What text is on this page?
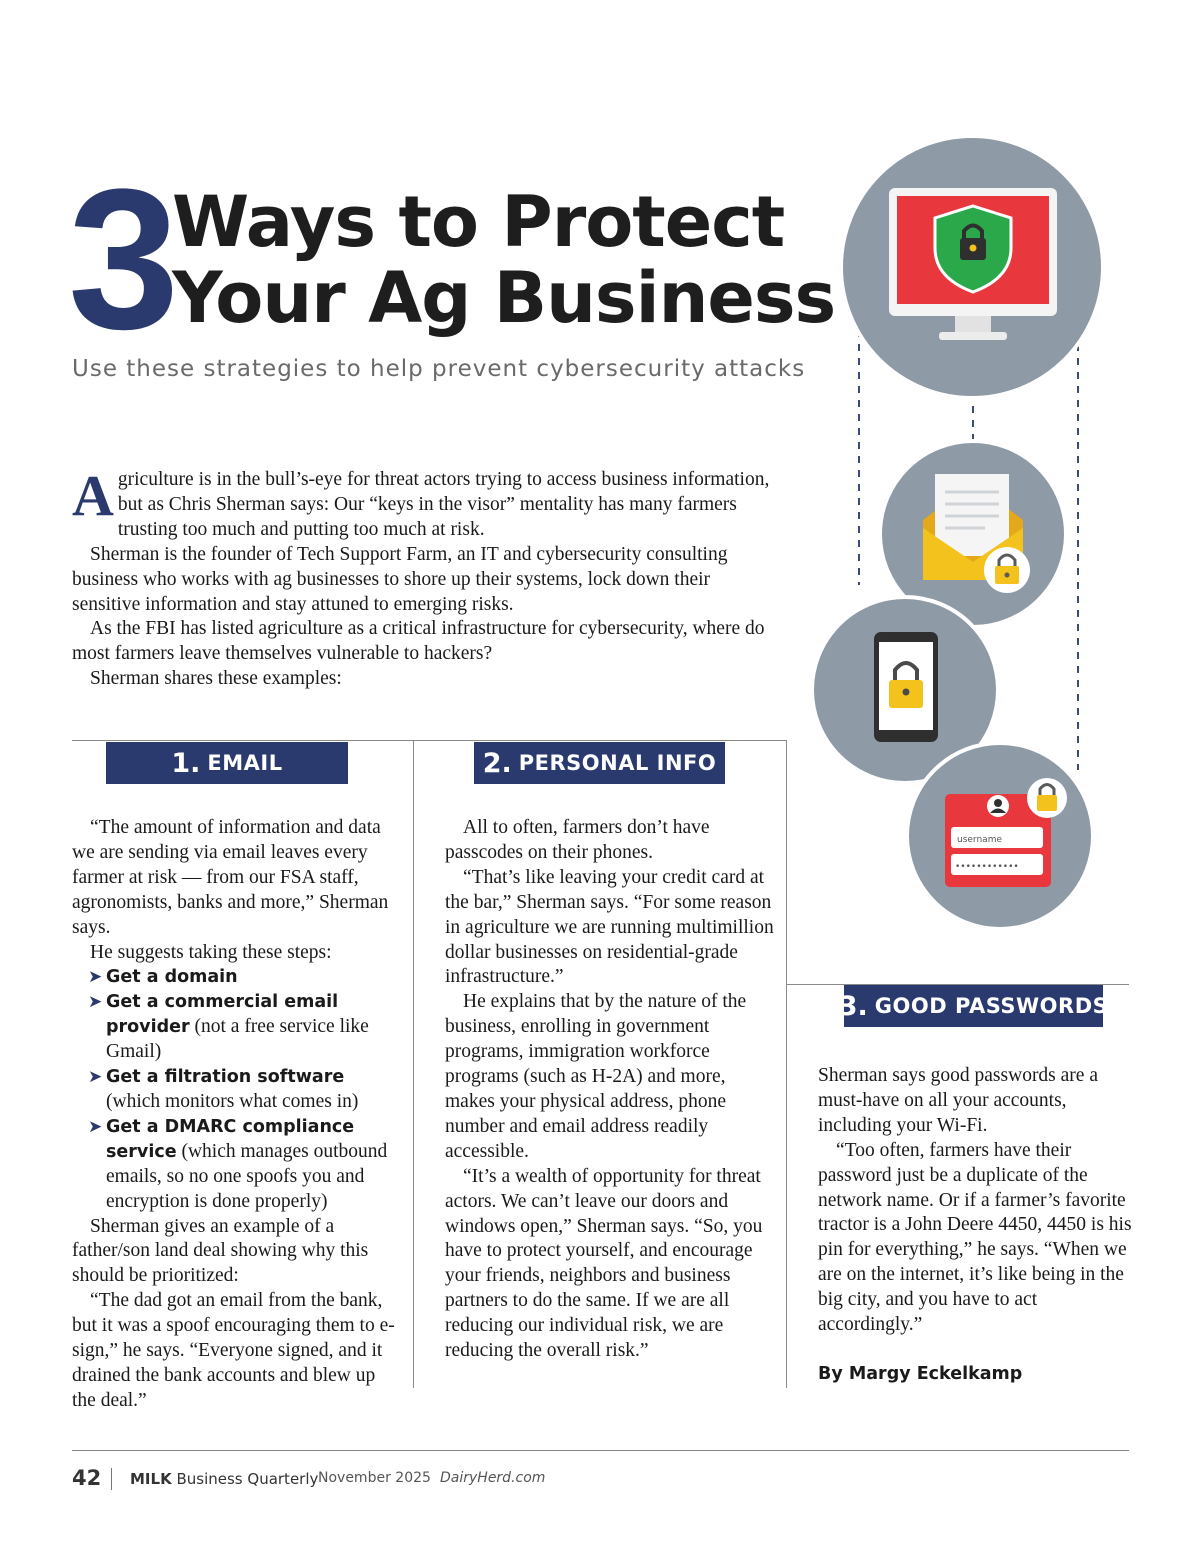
3
Ways to Protect
Your Ag Business
Use these strategies to help prevent cybersecurity attacks

Agriculture is in the bull’s-eye for threat actors trying to access business information, but as Chris Sherman says: Our “keys in the visor” mentality has many farmers trusting too much and putting too much at risk.

Sherman is the founder of Tech Support Farm, an IT and cybersecurity consulting business who works with ag businesses to shore up their systems, lock down their sensitive information and stay attuned to emerging risks.

As the FBI has listed agriculture as a critical infrastructure for cybersecurity, where do most farmers leave themselves vulnerable to hackers?

Sherman shares these examples:

1. EMAIL	2. PERSONAL INFO
3. GOOD PASSWORDS

“The amount of information and data we are sending via email leaves every farmer at risk — from our FSA staff, agronomists, banks and more,” Sherman says.

He suggests taking these steps:

➤ Get a domain
➤ Get a commercial email provider (not a free service like Gmail)
➤ Get a filtration software (which monitors what comes in)
➤ Get a DMARC compliance service (which manages outbound emails, so no one spoofs you and encryption is done properly)

Sherman gives an example of a father/son land deal showing why this should be prioritized:

“The dad got an email from the bank, but it was a spoof encouraging them to e-sign,” he says. “Everyone signed, and it drained the bank accounts and blew up the deal.”

All to often, farmers don’t have passcodes on their phones.

“That’s like leaving your credit card at the bar,” Sherman says. “For some reason in agriculture we are running multimillion dollar businesses on residential-grade infrastructure.”

He explains that by the nature of the business, enrolling in government programs, immigration workforce programs (such as H-2A) and more, makes your physical address, phone number and email address readily accessible.

“It’s a wealth of opportunity for threat actors. We can’t leave our doors and windows open,” Sherman says. “So, you have to protect yourself, and encourage your friends, neighbors and business partners to do the same. If we are all reducing our individual risk, we are reducing the overall risk.”

Sherman says good passwords are a must-have on all your accounts, including your Wi-Fi.

“Too often, farmers have their password just be a duplicate of the network name. Or if a farmer’s favorite tractor is a John Deere 4450, 4450 is his pin for everything,” he says. “When we are on the internet, it’s like being in the big city, and you have to act accordingly.”

By Margy Eckelkamp
username
••••••••••••
42 MILK Business Quarterly November 2025 DairyHerd.com
